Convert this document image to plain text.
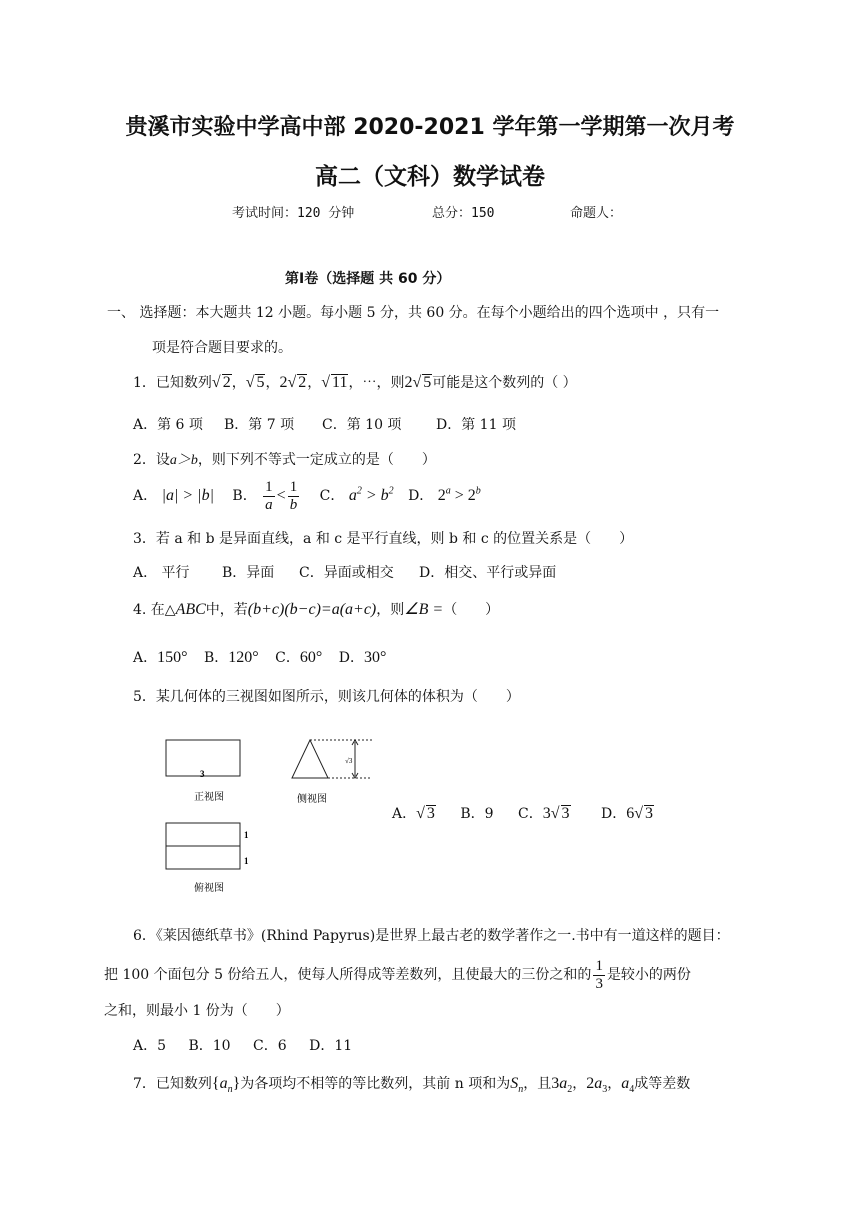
贵溪市实验中学高中部 2020-2021 学年第一学期第一次月考
高二（文科）数学试卷
考试时间：120 分钟	总分：150	命题人：
第Ⅰ卷（选择题 共 60 分）
一、 选择题：本大题共 12 小题。每小题 5 分，共 60 分。在每个小题给出的四个选项中 ，只有一
项是符合题目要求的。
1．已知数列√ 2，√ 5，2√ 2，√ 11，⋯，则2√ 5可能是这个数列的（ ）
A．第 6 项 B．第 7 项 C．第 10 项 D．第 11 项
2．设a＞b，则下列不等式一定成立的是（　　）
A． |a| > |b| B． $\frac{1}{a} < \frac{1}{b}$ C． $a^2 > b^2$ D． $2^a > 2^b$
3．若 a 和 b 是异面直线，a 和 c 是平行直线，则 b 和 c 的位置关系是（　　）
A． 平行 B．异面 C．异面或相交 D．相交、平行或异面
4. 在△ABC中，若(b+c)(b−c)=a(a+c)，则∠B =（　　）
A．150° B．120° C．60° D．30°
5．某几何体的三视图如图所示，则该几何体的体积为（　　）
3
正视图
√3
侧视图
1
1
俯视图
A．√ 3 B．9 C．3√ 3 D．6√ 3
6．《莱因德纸草书》(Rhind Papyrus)是世界上最古老的数学著作之一.书中有一道这样的题目：
把 100 个面包分 5 份给五人，使每人所得成等差数列，且使最大的三份之和的 $\frac{1}{3}$ 是较小的两份
之和，则最小 1 份为（　　）
A．5 B．10 C．6 D．11
7．已知数列$\{a_n\}$为各项均不相等的等比数列，其前 n 项和为$S_n$，且$3a_2$，$2a_3$，$a_4$成等差数
